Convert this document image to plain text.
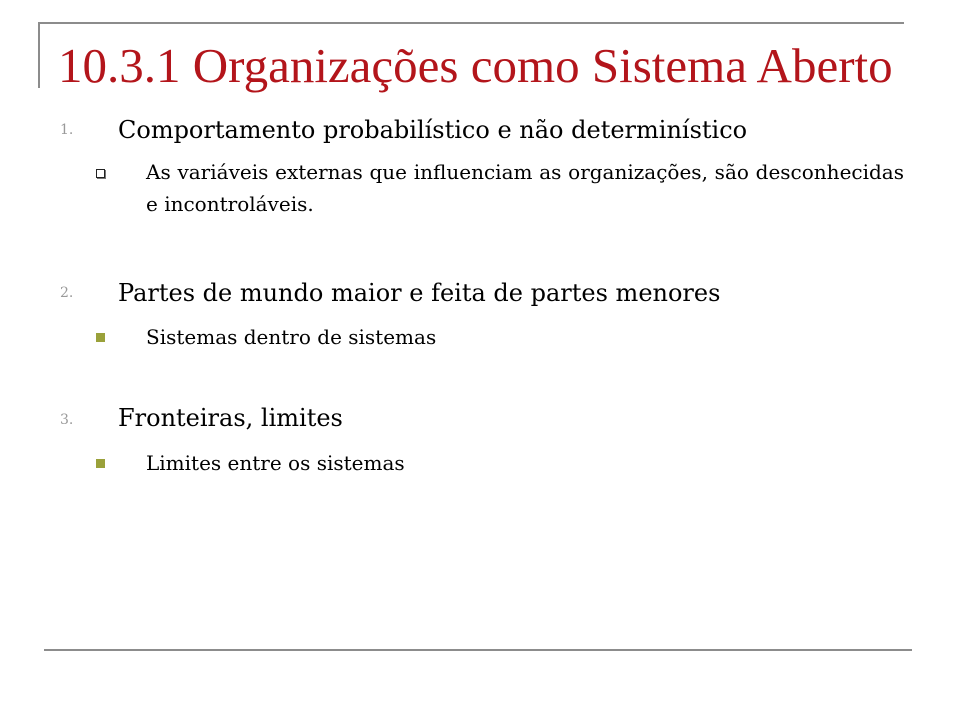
10.3.1 Organizações como Sistema Aberto
1. Comportamento probabilístico e não determinístico
As variáveis externas que influenciam as organizações, são desconhecidas e incontroláveis.
2. Partes de mundo maior e feita de partes menores
Sistemas dentro de sistemas
3. Fronteiras, limites
Limites entre os sistemas
